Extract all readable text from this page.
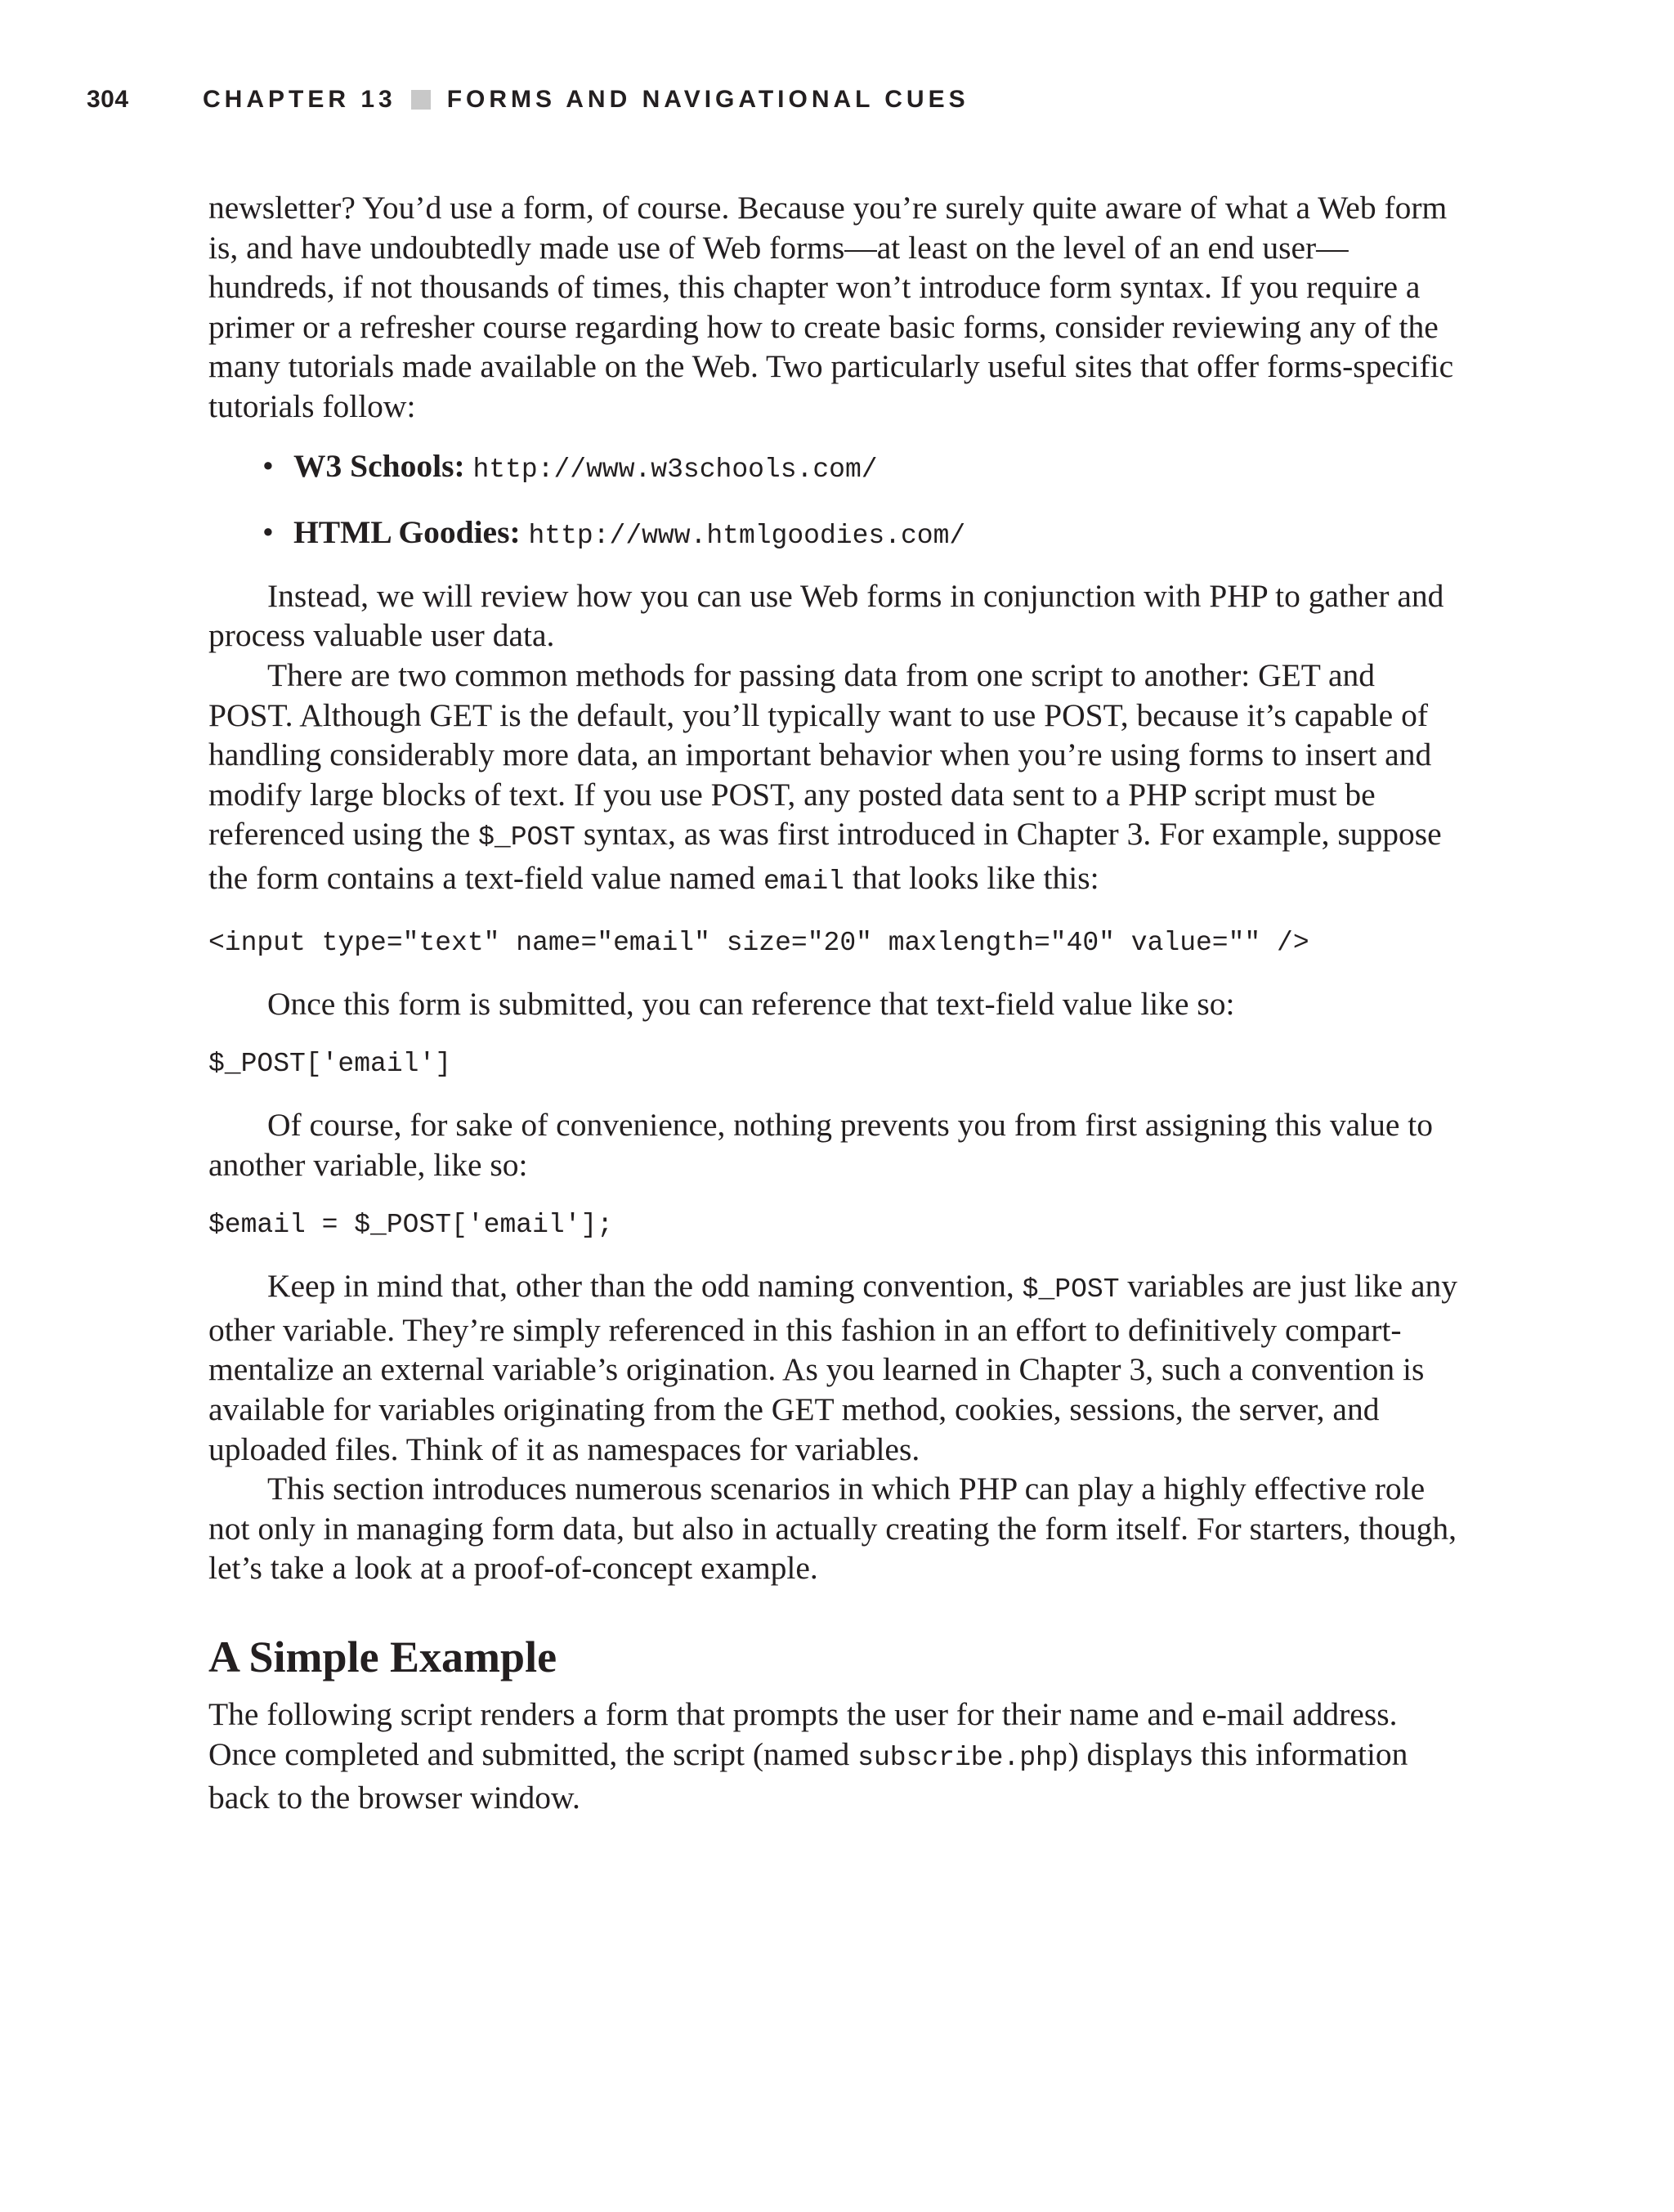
304	CHAPTER 13 FORMS AND NAVIGATIONAL CUES

newsletter? You’d use a form, of course. Because you’re surely quite aware of what a Web form is, and have undoubtedly made use of Web forms—at least on the level of an end user—hundreds, if not thousands of times, this chapter won’t introduce form syntax. If you require a primer or a refresher course regarding how to create basic forms, consider reviewing any of the many tutorials made available on the Web. Two particularly useful sites that offer forms-specific tutorials follow:

• W3 Schools: http://www.w3schools.com/
• HTML Goodies: http://www.htmlgoodies.com/

Instead, we will review how you can use Web forms in conjunction with PHP to gather and process valuable user data.

There are two common methods for passing data from one script to another: GET and POST. Although GET is the default, you’ll typically want to use POST, because it’s capable of handling considerably more data, an important behavior when you’re using forms to insert and modify large blocks of text. If you use POST, any posted data sent to a PHP script must be referenced using the $_POST syntax, as was first introduced in Chapter 3. For example, suppose the form contains a text-field value named email that looks like this:

<input type="text" name="email" size="20" maxlength="40" value="" />

Once this form is submitted, you can reference that text-field value like so:

$_POST['email']

Of course, for sake of convenience, nothing prevents you from first assigning this value to another variable, like so:

$email = $_POST['email'];

Keep in mind that, other than the odd naming convention, $_POST variables are just like any other variable. They’re simply referenced in this fashion in an effort to definitively compartmentalize an external variable’s origination. As you learned in Chapter 3, such a convention is available for variables originating from the GET method, cookies, sessions, the server, and uploaded files. Think of it as namespaces for variables.

This section introduces numerous scenarios in which PHP can play a highly effective role not only in managing form data, but also in actually creating the form itself. For starters, though, let’s take a look at a proof-of-concept example.

A Simple Example

The following script renders a form that prompts the user for their name and e-mail address. Once completed and submitted, the script (named subscribe.php) displays this information back to the browser window.
